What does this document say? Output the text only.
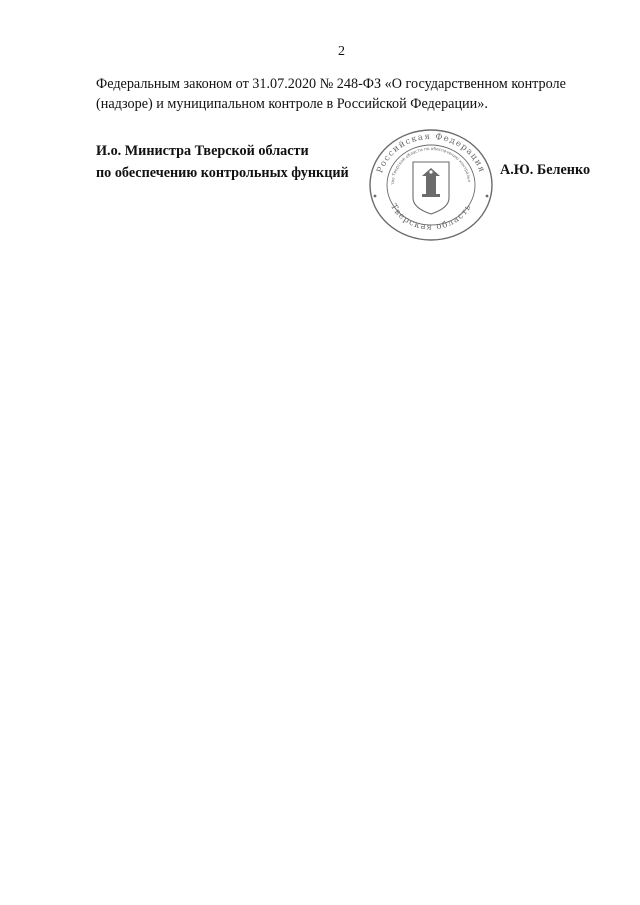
2
Федеральным законом от 31.07.2020 № 248-ФЗ «О государственном контроле
(надзоре) и муниципальном контроле в Российской Федерации».
И.о. Министра Тверской области
по обеспечению контрольных функций	Российская Федерация
Тверская область
тво Тверской области по обеспечению контрольн
А.Ю. Беленко
